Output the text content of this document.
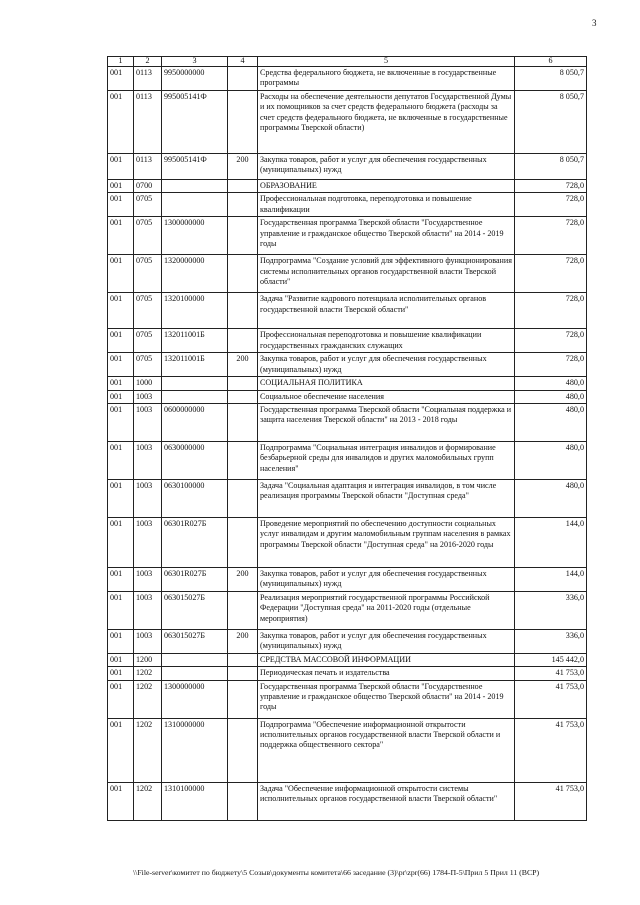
3
1	2	3	4	5	6
001	0113	9950000000		Средства федерального бюджета, не включенные в государственные программы	8 050,7
001	0113	995005141Ф		Расходы на обеспечение деятельности депутатов Государственной Думы и их помощников за счет средств федерального бюджета (расходы за счет средств федерального бюджета, не включенные в государственные программы Тверской области)	8 050,7
001	0113	995005141Ф	200	Закупка товаров, работ и услуг для обеспечения государственных (муниципальных) нужд	8 050,7
001	0700			ОБРАЗОВАНИЕ	728,0
001	0705			Профессиональная подготовка, переподготовка и повышение квалификации	728,0
001	0705	1300000000		Государственная программа Тверской области "Государственное управление и гражданское общество Тверской области" на 2014 - 2019 годы	728,0
001	0705	1320000000		Подпрограмма "Создание условий для эффективного функционирования системы исполнительных органов государственной власти Тверской области"	728,0
001	0705	1320100000		Задача "Развитие кадрового потенциала исполнительных органов государственной власти Тверской области"	728,0
001	0705	132011001Б		Профессиональная переподготовка и повышение квалификации государственных гражданских служащих	728,0
001	0705	132011001Б	200	Закупка товаров, работ и услуг для обеспечения государственных (муниципальных) нужд	728,0
001	1000			СОЦИАЛЬНАЯ ПОЛИТИКА	480,0
001	1003			Социальное обеспечение населения	480,0
001	1003	0600000000		Государственная программа Тверской области "Социальная поддержка и защита населения Тверской области" на 2013 - 2018 годы	480,0
001	1003	0630000000		Подпрограмма "Социальная интеграция инвалидов и формирование безбарьерной среды для инвалидов и других маломобильных групп населения"	480,0
001	1003	0630100000		Задача "Социальная адаптация и интеграция инвалидов, в том числе реализация программы Тверской области "Доступная среда"	480,0
001	1003	06301R027Б		Проведение мероприятий по обеспечению доступности социальных услуг инвалидам и другим маломобильным группам населения в рамках программы Тверской области "Доступная среда" на 2016-2020 годы	144,0
001	1003	06301R027Б	200	Закупка товаров, работ и услуг для обеспечения государственных (муниципальных) нужд	144,0
001	1003	063015027Б		Реализация мероприятий государственной программы Российской Федерации "Доступная среда" на 2011-2020 годы (отдельные мероприятия)	336,0
001	1003	063015027Б	200	Закупка товаров, работ и услуг для обеспечения государственных (муниципальных) нужд	336,0
001	1200			СРЕДСТВА МАССОВОЙ ИНФОРМАЦИИ	145 442,0
001	1202			Периодическая печать и издательства	41 753,0
001	1202	1300000000		Государственная программа Тверской области "Государственное управление и гражданское общество Тверской области" на 2014 - 2019 годы	41 753,0
001	1202	1310000000		Подпрограмма "Обеспечение информационной открытости исполнительных органов государственной власти Тверской области и поддержка общественного сектора"	41 753,0
001	1202	1310100000		Задача "Обеспечение информационной открытости системы исполнительных органов государственной власти Тверской области"	41 753,0
\\File-server\комитет по бюджету\5 Созыв\документы комитета\66 заседание (3)\pr\zpr(66) 1784-П-5\Прил 5 Прил 11 (ВСР)
